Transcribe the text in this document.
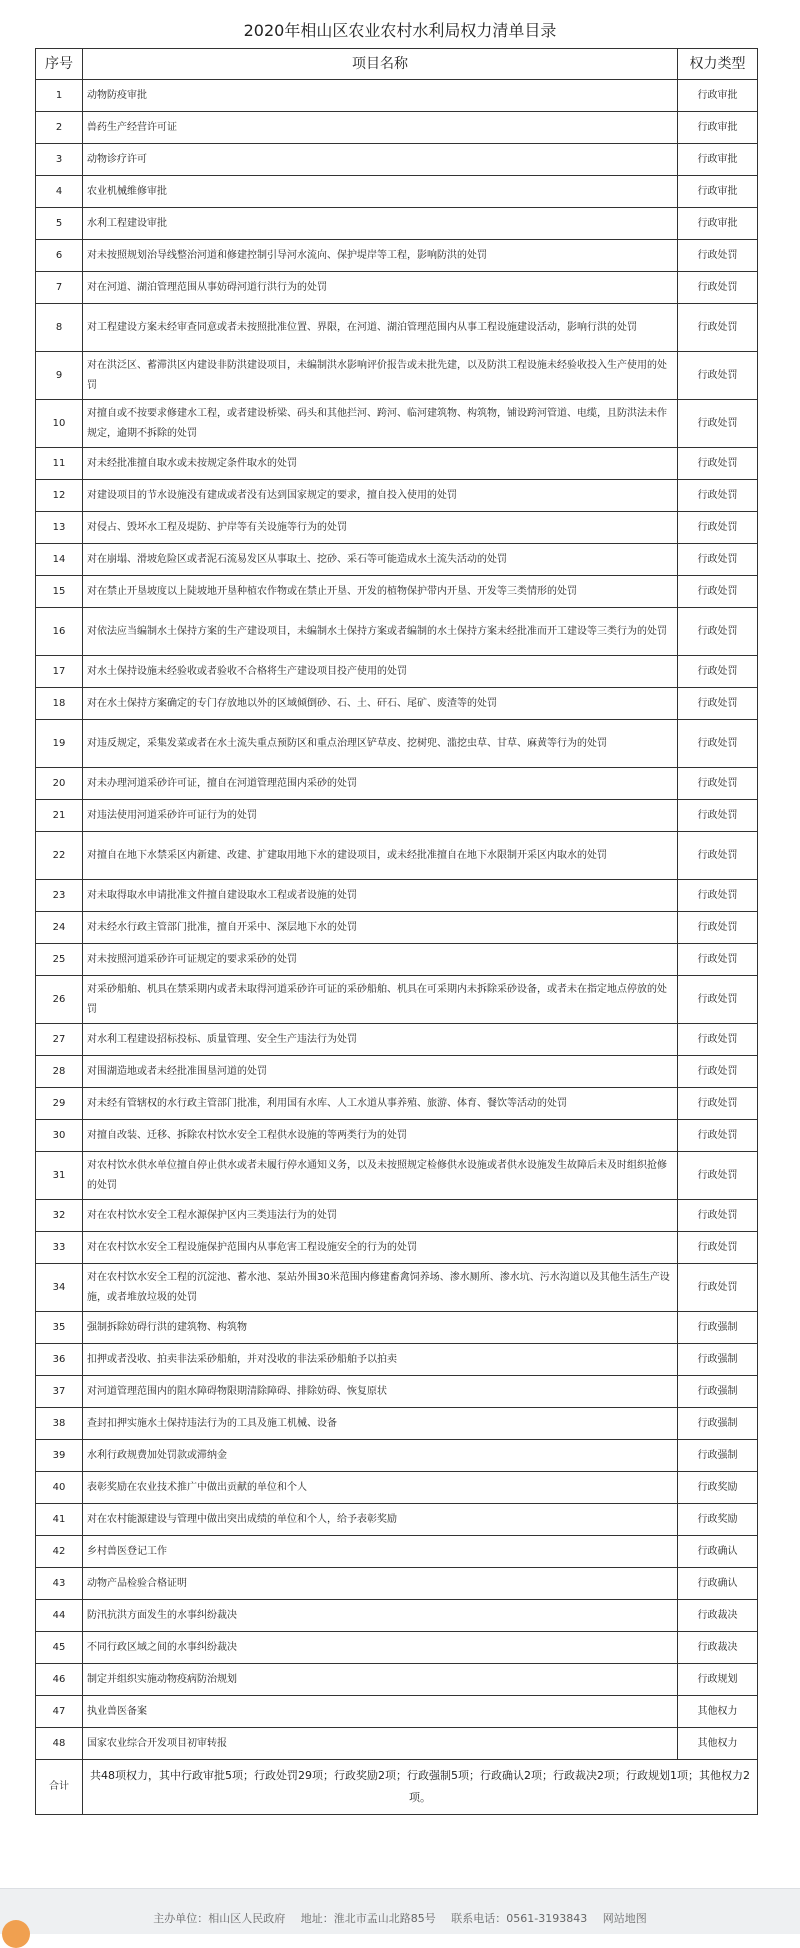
2020年相山区农业农村水利局权力清单目录
序号	项目名称	权力类型
1	动物防疫审批	行政审批
2	兽药生产经营许可证	行政审批
3	动物诊疗许可	行政审批
4	农业机械维修审批	行政审批
5	水利工程建设审批	行政审批
6	对未按照规划治导线整治河道和修建控制引导河水流向、保护堤岸等工程，影响防洪的处罚	行政处罚
7	对在河道、湖泊管理范围从事妨碍河道行洪行为的处罚	行政处罚
8	对工程建设方案未经审查同意或者未按照批准位置、界限，在河道、湖泊管理范围内从事工程设施建设活动，影响行洪的处罚	行政处罚
9	对在洪泛区、蓄滞洪区内建设非防洪建设项目，未编制洪水影响评价报告或未批先建，以及防洪工程设施未经验收投入生产使用的处罚	行政处罚
10	对擅自或不按要求修建水工程，或者建设桥梁、码头和其他拦河、跨河、临河建筑物、构筑物，铺设跨河管道、电缆，且防洪法未作规定，逾期不拆除的处罚	行政处罚
11	对未经批准擅自取水或未按规定条件取水的处罚	行政处罚
12	对建设项目的节水设施没有建成或者没有达到国家规定的要求，擅自投入使用的处罚	行政处罚
13	对侵占、毁坏水工程及堤防、护岸等有关设施等行为的处罚	行政处罚
14	对在崩塌、滑坡危险区或者泥石流易发区从事取土、挖砂、采石等可能造成水土流失活动的处罚	行政处罚
15	对在禁止开垦坡度以上陡坡地开垦种植农作物或在禁止开垦、开发的植物保护带内开垦、开发等三类情形的处罚	行政处罚
16	对依法应当编制水土保持方案的生产建设项目，未编制水土保持方案或者编制的水土保持方案未经批准而开工建设等三类行为的处罚	行政处罚
17	对水土保持设施未经验收或者验收不合格将生产建设项目投产使用的处罚	行政处罚
18	对在水土保持方案确定的专门存放地以外的区域倾倒砂、石、土、矸石、尾矿、废渣等的处罚	行政处罚
19	对违反规定，采集发菜或者在水土流失重点预防区和重点治理区铲草皮、挖树兜、滥挖虫草、甘草、麻黄等行为的处罚	行政处罚
20	对未办理河道采砂许可证，擅自在河道管理范围内采砂的处罚	行政处罚
21	对违法使用河道采砂许可证行为的处罚	行政处罚
22	对擅自在地下水禁采区内新建、改建、扩建取用地下水的建设项目，或未经批准擅自在地下水限制开采区内取水的处罚	行政处罚
23	对未取得取水申请批准文件擅自建设取水工程或者设施的处罚	行政处罚
24	对未经水行政主管部门批准，擅自开采中、深层地下水的处罚	行政处罚
25	对未按照河道采砂许可证规定的要求采砂的处罚	行政处罚
26	对采砂船舶、机具在禁采期内或者未取得河道采砂许可证的采砂船舶、机具在可采期内未拆除采砂设备，或者未在指定地点停放的处罚	行政处罚
27	对水利工程建设招标投标、质量管理、安全生产违法行为处罚	行政处罚
28	对围湖造地或者未经批准围垦河道的处罚	行政处罚
29	对未经有管辖权的水行政主管部门批准，利用国有水库、人工水道从事养殖、旅游、体育、餐饮等活动的处罚	行政处罚
30	对擅自改装、迁移、拆除农村饮水安全工程供水设施的等两类行为的处罚	行政处罚
31	对农村饮水供水单位擅自停止供水或者未履行停水通知义务，以及未按照规定检修供水设施或者供水设施发生故障后未及时组织抢修的处罚	行政处罚
32	对在农村饮水安全工程水源保护区内三类违法行为的处罚	行政处罚
33	对在农村饮水安全工程设施保护范围内从事危害工程设施安全的行为的处罚	行政处罚
34	对在农村饮水安全工程的沉淀池、蓄水池、泵站外围30米范围内修建畜禽饲养场、渗水厕所、渗水坑、污水沟道以及其他生活生产设施，或者堆放垃圾的处罚	行政处罚
35	强制拆除妨碍行洪的建筑物、构筑物	行政强制
36	扣押或者没收、拍卖非法采砂船舶，并对没收的非法采砂船舶予以拍卖	行政强制
37	对河道管理范围内的阻水障碍物限期清除障碍、排除妨碍、恢复原状	行政强制
38	查封扣押实施水土保持违法行为的工具及施工机械、设备	行政强制
39	水利行政规费加处罚款或滞纳金	行政强制
40	表彰奖励在农业技术推广中做出贡献的单位和个人	行政奖励
41	对在农村能源建设与管理中做出突出成绩的单位和个人，给予表彰奖励	行政奖励
42	乡村兽医登记工作	行政确认
43	动物产品检验合格证明	行政确认
44	防汛抗洪方面发生的水事纠纷裁决	行政裁决
45	不同行政区域之间的水事纠纷裁决	行政裁决
46	制定并组织实施动物疫病防治规划	行政规划
47	执业兽医备案	其他权力
48	国家农业综合开发项目初审转报	其他权力
合计	共48项权力，其中行政审批5项；行政处罚29项；行政奖励2项；行政强制5项；行政确认2项；行政裁决2项；行政规划1项；其他权力2项。	
主办单位：相山区人民政府 地址：淮北市孟山北路85号 联系电话：0561-3193843 网站地图
